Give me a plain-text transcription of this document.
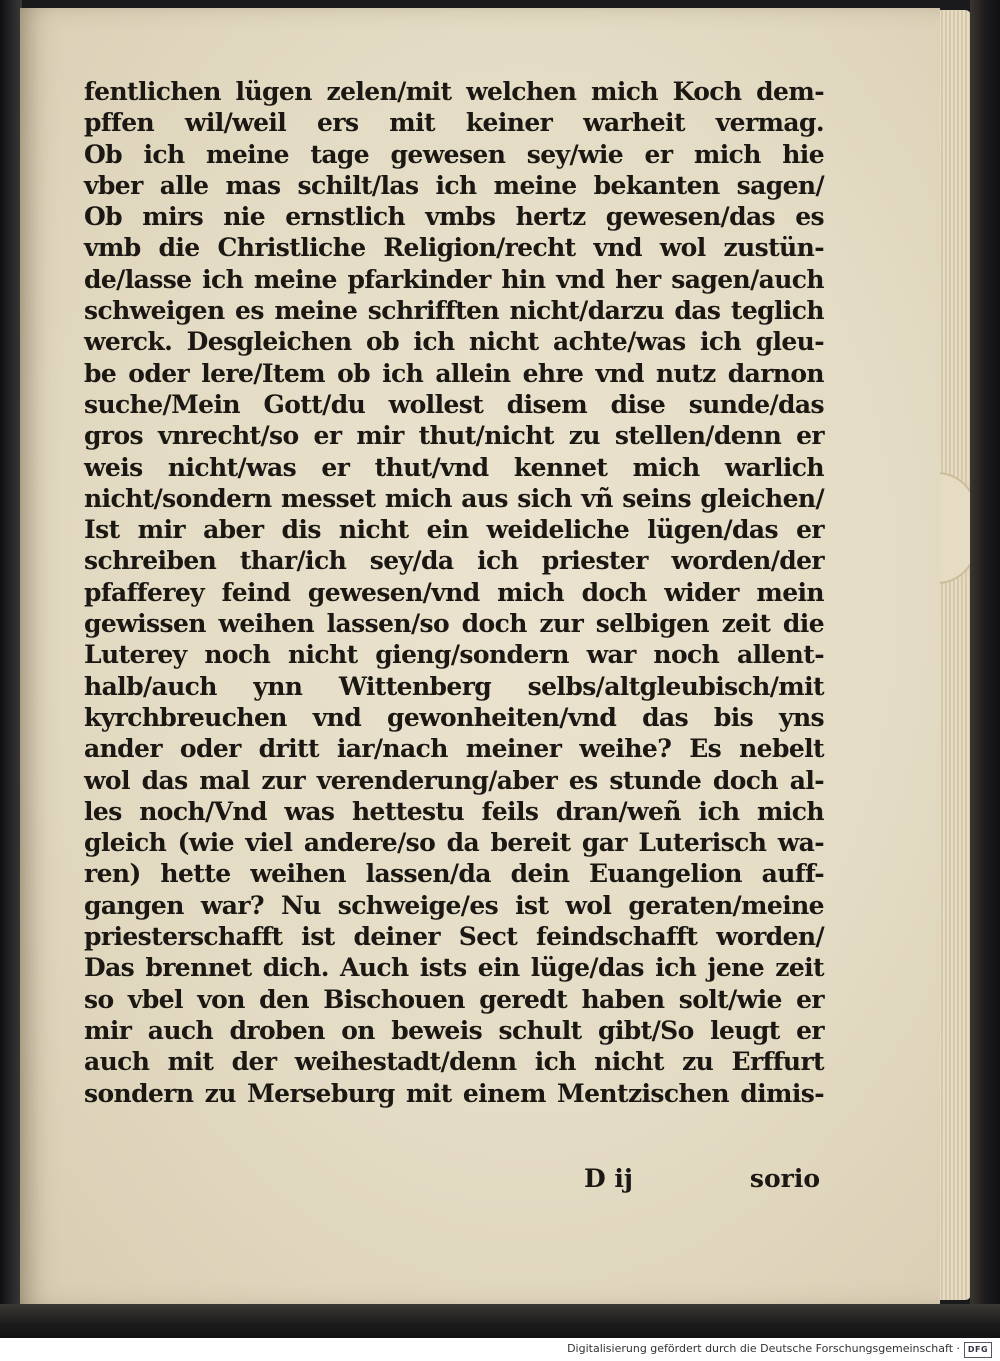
fentlichen lügen zelen/mit welchen mich Koch dem-
pffen wil/weil ers mit keiner warheit vermag.
Ob ich meine tage gewesen sey/wie er mich hie
vber alle mas schilt/las ich meine bekanten sagen/
Ob mirs nie ernstlich vmbs hertz gewesen/das es
vmb die Christliche Religion/recht vnd wol zustün-
de/lasse ich meine pfarkinder hin vnd her sagen/auch
schweigen es meine schrifften nicht/darzu das teglich
werck. Desgleichen ob ich nicht achte/was ich gleu-
be oder lere/Item ob ich allein ehre vnd nutz darnon
suche/Mein Gott/du wollest disem dise sunde/das
gros vnrecht/so er mir thut/nicht zu stellen/denn er
weis nicht/was er thut/vnd kennet mich warlich
nicht/sondern messet mich aus sich vñ seins gleichen/
Ist mir aber dis nicht ein weideliche lügen/das er
schreiben thar/ich sey/da ich priester worden/der
pfafferey feind gewesen/vnd mich doch wider mein
gewissen weihen lassen/so doch zur selbigen zeit die
Luterey noch nicht gieng/sondern war noch allent-
halb/auch ynn Wittenberg selbs/altgleubisch/mit
kyrchbreuchen vnd gewonheiten/vnd das bis yns
ander oder dritt iar/nach meiner weihe? Es nebelt
wol das mal zur verenderung/aber es stunde doch al-
les noch/Vnd was hettestu feils dran/weñ ich mich
gleich (wie viel andere/so da bereit gar Luterisch wa-
ren) hette weihen lassen/da dein Euangelion auff-
gangen war? Nu schweige/es ist wol geraten/meine
priesterschafft ist deiner Sect feindschafft worden/
Das brennet dich. Auch ists ein lüge/das ich jene zeit
so vbel von den Bischouen geredt haben solt/wie er
mir auch droben on beweis schult gibt/So leugt er
auch mit der weihestadt/denn ich nicht zu Erffurt
sondern zu Merseburg mit einem Mentzischen dimis-
D ij	sorio
Digitalisierung gefördert durch die Deutsche Forschungsgemeinschaft · DFG
